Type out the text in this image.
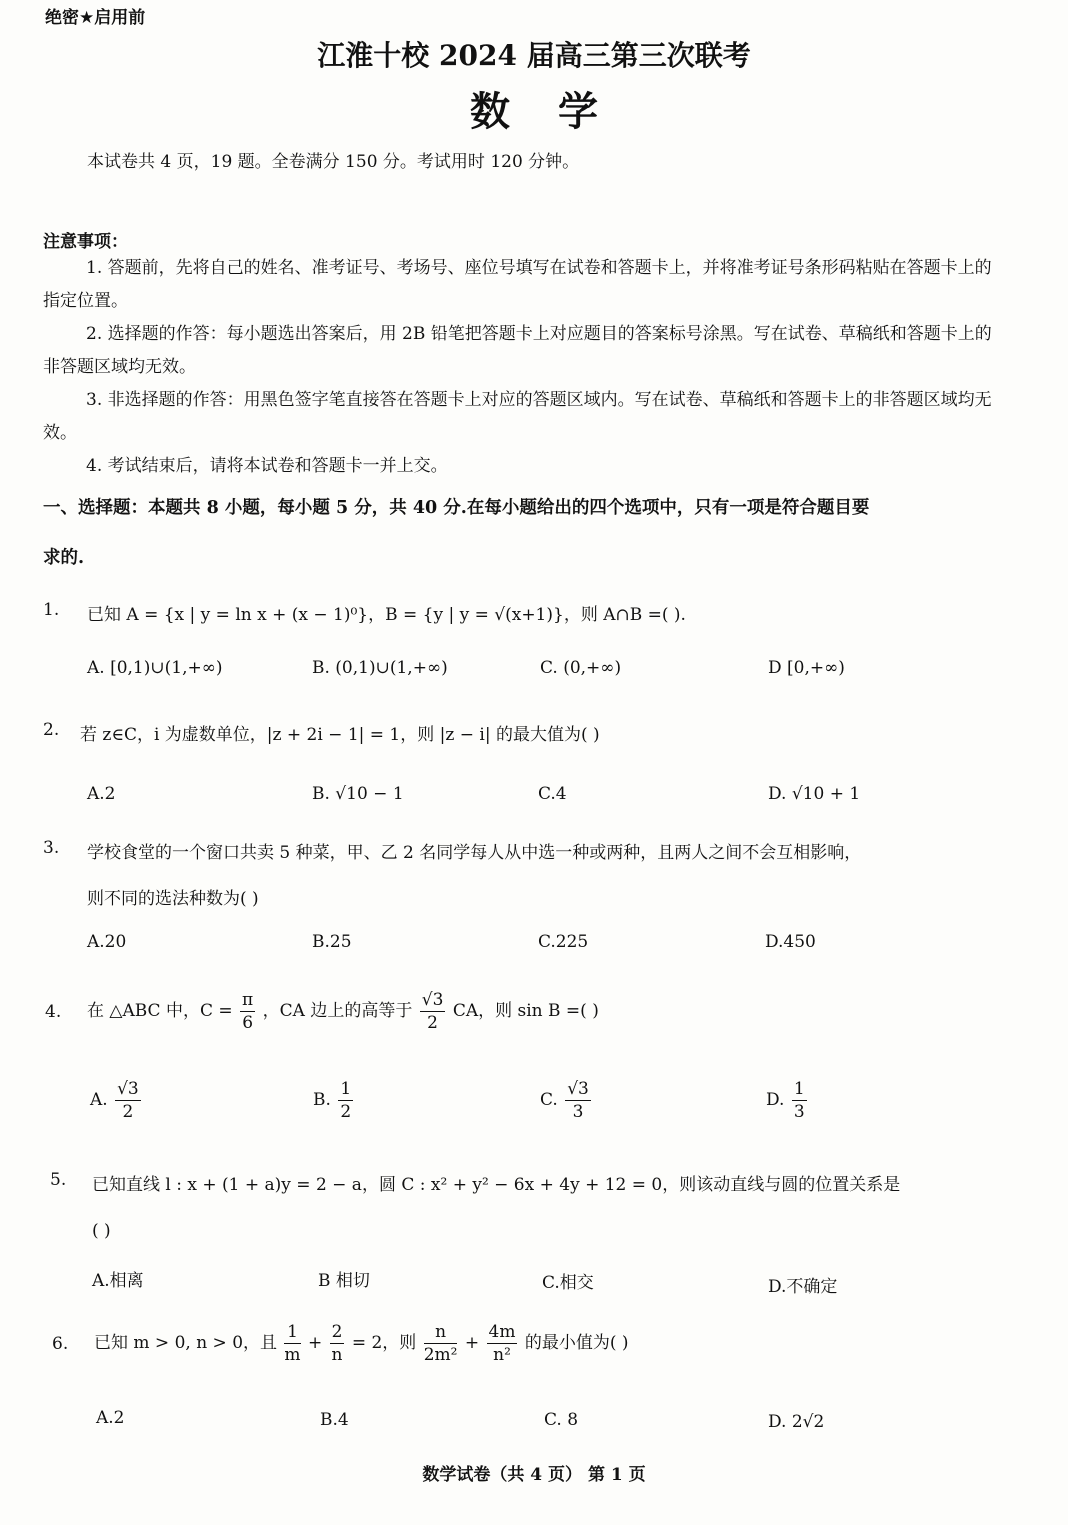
绝密★启用前
江淮十校 2024 届高三第三次联考
数学
本试卷共 4 页，19 题。全卷满分 150 分。考试用时 120 分钟。
注意事项：
1. 答题前，先将自己的姓名、准考证号、考场号、座位号填写在试卷和答题卡上，并将准考证号条形码粘贴在答题卡上的指定位置。
2. 选择题的作答：每小题选出答案后，用 2B 铅笔把答题卡上对应题目的答案标号涂黑。写在试卷、草稿纸和答题卡上的非答题区域均无效。
3. 非选择题的作答：用黑色签字笔直接答在答题卡上对应的答题区域内。写在试卷、草稿纸和答题卡上的非答题区域均无效。
4. 考试结束后，请将本试卷和答题卡一并上交。
一、选择题：本题共 8 小题，每小题 5 分，共 40 分.在每小题给出的四个选项中，只有一项是符合题目要
求的.
1. 已知 A = {x | y = ln x + (x − 1)⁰}，B = {y | y = √(x+1)}，则 A∩B =( ).
A. [0,1)∪(1,+∞)	B. (0,1)∪(1,+∞)	C. (0,+∞)	D [0,+∞)
2. 若 z∈C，i 为虚数单位，|z + 2i − 1| = 1，则 |z − i| 的最大值为( )
A.2	B. √10 − 1	C.4	D. √10 + 1
3. 学校食堂的一个窗口共卖 5 种菜，甲、乙 2 名同学每人从中选一种或两种，且两人之间不会互相影响，
则不同的选法种数为( )
A.20	B.25	C.225	D.450
4. 在 △ABC 中，$C = \frac{\pi}{6}$ ，CA 边上的高等于 $\frac{√3}{2}$ CA，则 sin B =( )
A. $\frac{√3}{2}$	B. $\frac{1}{2}$	C. $\frac{√3}{3}$	D. $\frac{1}{3}$
5. 已知直线 l : x + (1 + a)y = 2 − a，圆 C : x² + y² − 6x + 4y + 12 = 0，则该动直线与圆的位置关系是
( )
A.相离	B 相切	C.相交	D.不确定
6. 已知 m > 0, n > 0，且 $\frac{1}{m} + \frac{2}{n} = 2$，则 $\frac{n}{\text{2m²}} + \frac{4m}{\text{n²}}$ 的最小值为( )
A.2	B.4	C. 8	D. 2√2
数学试卷（共 4 页） 第 1 页
